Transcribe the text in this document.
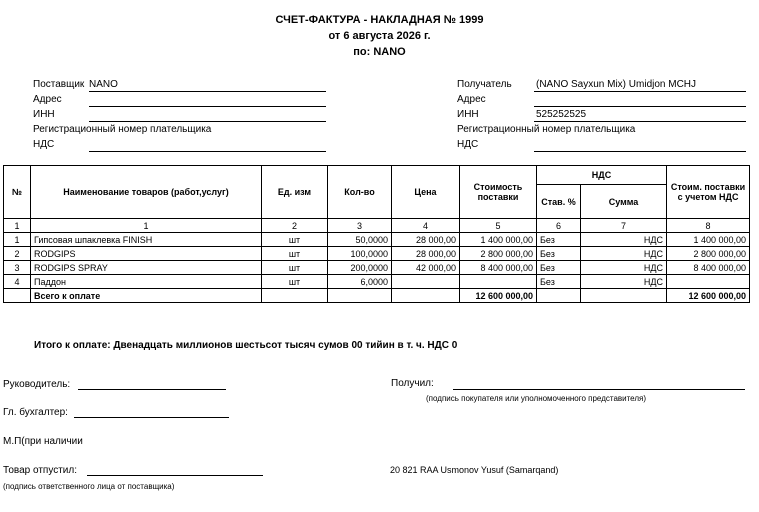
СЧЕТ-ФАКТУРА - НАКЛАДНАЯ № 1999
от 6 августа 2026 г.
по: NANO
Поставщик NANO
Адрес
ИНН
Регистрационный номер плательщика
НДС
Получатель (NANO Sayxun Mix) Umidjon MCHJ
Адрес
ИНН	525252525
Регистрационный номер плательщика
НДС
№	Наименование товаров (работ,услуг)	Ед. изм	Кол-во	Цена	Стоимость поставки	НДС		Стоим. поставки с учетом НДС
						Став. %	Сумма	
1	1	2	3	4	5	6	7	8
1	Гипсовая шпаклевка FINISH	шт	50,0000	28 000,00	1 400 000,00	Без	НДС	1 400 000,00
2	RODGIPS	шт	100,0000	28 000,00	2 800 000,00	Без	НДС	2 800 000,00
3	RODGIPS SPRAY	шт	200,0000	42 000,00	8 400 000,00	Без	НДС	8 400 000,00
4	Паддон	шт	6,0000			Без	НДС	
	Всего к оплате				12 600 000,00			12 600 000,00
Итого к оплате: Двенадцать миллионов шестьсот тысяч сумов 00 тийин в т. ч. НДС 0
Руководитель:
Гл. бухгалтер:
М.П(при наличии
Товар отпустил:
(подпись ответственного лица от поставщика)
Получил:
(подпись покупателя или уполномоченного представителя)
20 821 RAA Usmonov Yusuf (Samarqand)
